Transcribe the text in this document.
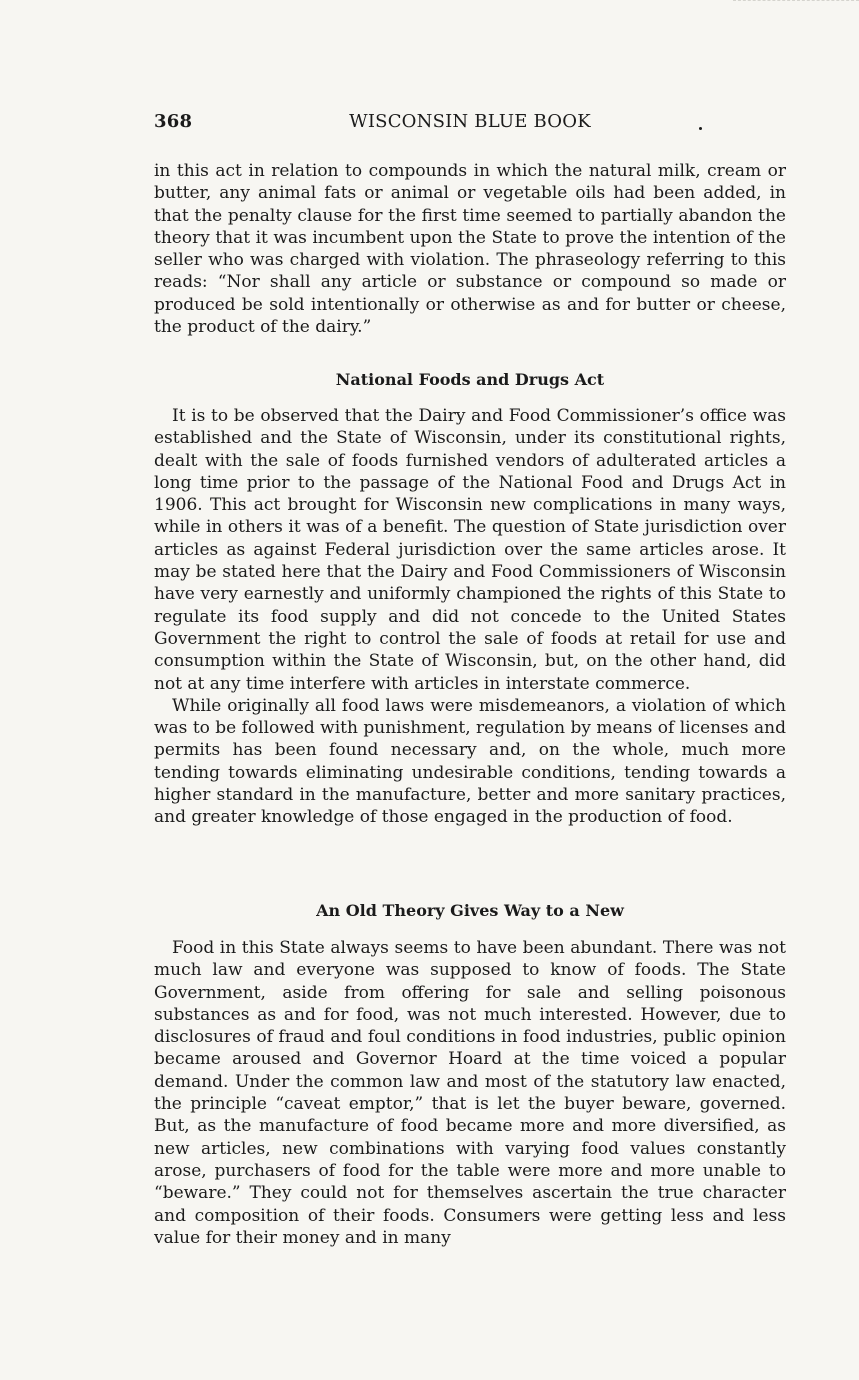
368	WISCONSIN BLUE BOOK

in this act in relation to compounds in which the natural milk, cream or butter, any animal fats or animal or vegetable oils had been added, in that the penalty clause for the first time seemed to partially abandon the theory that it was incumbent upon the State to prove the intention of the seller who was charged with violation. The phraseology referring to this reads: “Nor shall any article or substance or compound so made or produced be sold intentionally or otherwise as and for butter or cheese, the product of the dairy.”

National Foods and Drugs Act

It is to be observed that the Dairy and Food Commissioner’s office was established and the State of Wisconsin, under its constitutional rights, dealt with the sale of foods furnished vendors of adulterated articles a long time prior to the passage of the National Food and Drugs Act in 1906. This act brought for Wisconsin new complications in many ways, while in others it was of a benefit. The question of State jurisdiction over articles as against Federal jurisdiction over the same articles arose. It may be stated here that the Dairy and Food Commissioners of Wisconsin have very earnestly and uniformly championed the rights of this State to regulate its food supply and did not concede to the United States Government the right to control the sale of foods at retail for use and consumption within the State of Wisconsin, but, on the other hand, did not at any time interfere with articles in interstate commerce.

While originally all food laws were misdemeanors, a violation of which was to be followed with punishment, regulation by means of licenses and permits has been found necessary and, on the whole, much more tending towards eliminating undesirable conditions, tending towards a higher standard in the manufacture, better and more sanitary practices, and greater knowledge of those engaged in the production of food.

An Old Theory Gives Way to a New

Food in this State always seems to have been abundant. There was not much law and everyone was supposed to know of foods. The State Government, aside from offering for sale and selling poisonous substances as and for food, was not much interested. However, due to disclosures of fraud and foul conditions in food industries, public opinion became aroused and Governor Hoard at the time voiced a popular demand. Under the common law and most of the statutory law enacted, the principle “caveat emptor,” that is let the buyer beware, governed. But, as the manufacture of food became more and more diversified, as new articles, new combinations with varying food values constantly arose, purchasers of food for the table were more and more unable to “beware.” They could not for themselves ascertain the true character and composition of their foods. Consumers were getting less and less value for their money and in many
